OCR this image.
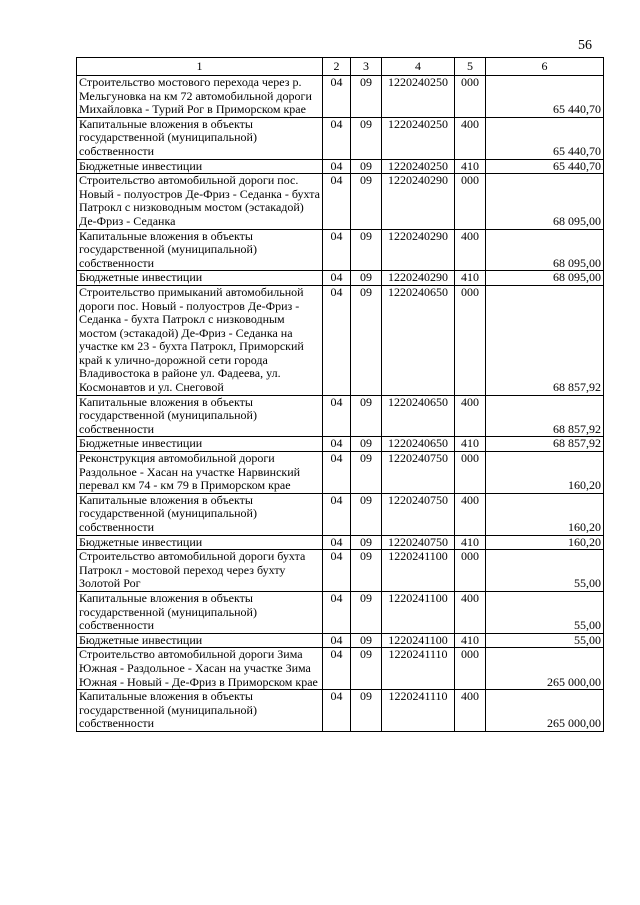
56
1	2	3	4	5	6
Строительство мостового перехода через р. Мельгуновка на км 72 автомобильной дороги Михайловка - Турий Рог в Приморском крае	04	09	1220240250	000	65 440,70
Капитальные вложения в объекты государственной (муниципальной) собственности	04	09	1220240250	400	65 440,70
Бюджетные инвестиции	04	09	1220240250	410	65 440,70
Строительство автомобильной дороги пос. Новый - полуостров Де-Фриз - Седанка - бухта Патрокл с низководным мостом (эстакадой) Де-Фриз - Седанка	04	09	1220240290	000	68 095,00
Капитальные вложения в объекты государственной (муниципальной) собственности	04	09	1220240290	400	68 095,00
Бюджетные инвестиции	04	09	1220240290	410	68 095,00
Строительство примыканий автомобильной дороги пос. Новый - полуостров Де-Фриз - Седанка - бухта Патрокл с низководным мостом (эстакадой) Де-Фриз - Седанка на участке км 23 - бухта Патрокл, Приморский край к улично-дорожной сети города Владивостока в районе ул. Фадеева, ул. Космонавтов и ул. Снеговой	04	09	1220240650	000	68 857,92
Капитальные вложения в объекты государственной (муниципальной) собственности	04	09	1220240650	400	68 857,92
Бюджетные инвестиции	04	09	1220240650	410	68 857,92
Реконструкция автомобильной дороги Раздольное - Хасан на участке Нарвинский перевал км 74 - км 79 в Приморском крае	04	09	1220240750	000	160,20
Капитальные вложения в объекты государственной (муниципальной) собственности	04	09	1220240750	400	160,20
Бюджетные инвестиции	04	09	1220240750	410	160,20
Строительство автомобильной дороги бухта Патрокл - мостовой переход через бухту Золотой Рог	04	09	1220241100	000	55,00
Капитальные вложения в объекты государственной (муниципальной) собственности	04	09	1220241100	400	55,00
Бюджетные инвестиции	04	09	1220241100	410	55,00
Строительство автомобильной дороги Зима Южная - Раздольное - Хасан на участке Зима Южная - Новый - Де-Фриз в Приморском крае	04	09	1220241110	000	265 000,00
Капитальные вложения в объекты государственной (муниципальной) собственности	04	09	1220241110	400	265 000,00
